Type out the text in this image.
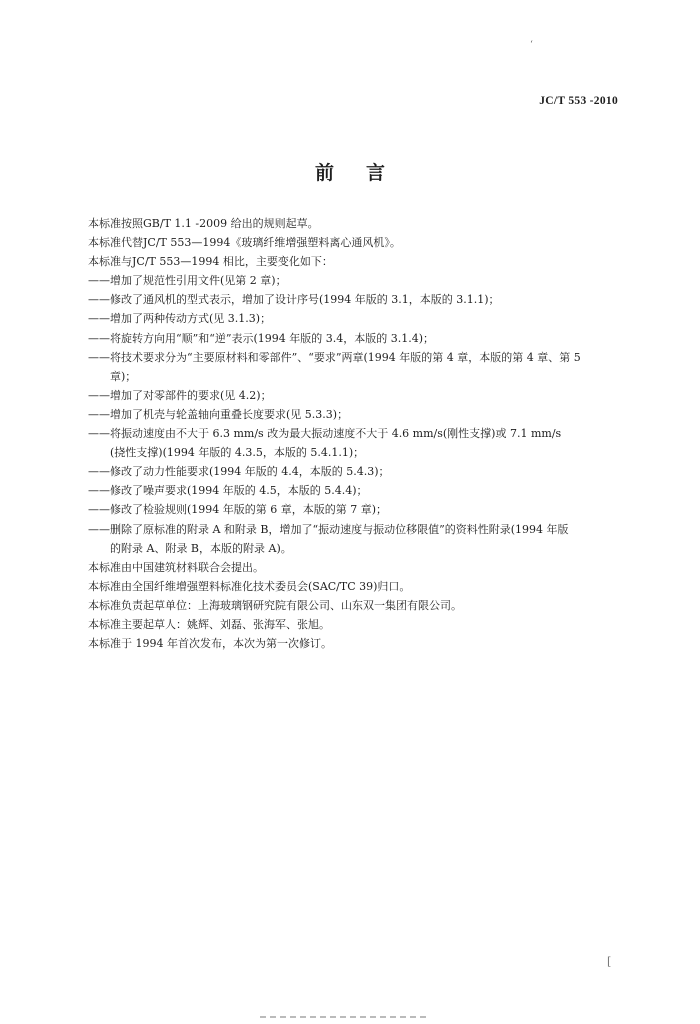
‘
JC/T 553 -2010
前言

本标准按照GB/T 1.1 -2009 给出的规则起草。

本标准代替JC/T 553—1994《玻璃纤维增强塑料离心通风机》。

本标准与JC/T 553—1994 相比，主要变化如下：

——增加了规范性引用文件(见第 2 章)；

——修改了通风机的型式表示，增加了设计序号(1994 年版的 3.1，本版的 3.1.1)；

——增加了两种传动方式(见 3.1.3)；

——将旋转方向用“顺”和“逆”表示(1994 年版的 3.4，本版的 3.1.4)；

——将技术要求分为“主要原材料和零部件”、“要求”两章(1994 年版的第 4 章，本版的第 4 章、第 5

章)；

——增加了对零部件的要求(见 4.2)；

——增加了机壳与轮盖轴向重叠长度要求(见 5.3.3)；

——将振动速度由不大于 6.3 mm/s 改为最大振动速度不大于 4.6 mm/s(刚性支撑)或 7.1 mm/s

(挠性支撑)(1994 年版的 4.3.5，本版的 5.4.1.1)；

——修改了动力性能要求(1994 年版的 4.4，本版的 5.4.3)；

——修改了噪声要求(1994 年版的 4.5，本版的 5.4.4)；

——修改了检验规则(1994 年版的第 6 章，本版的第 7 章)；

——删除了原标准的附录 A 和附录 B，增加了“振动速度与振动位移限值”的资料性附录(1994 年版

的附录 A、附录 B，本版的附录 A)。

本标准由中国建筑材料联合会提出。

本标准由全国纤维增强塑料标准化技术委员会(SAC/TC 39)归口。

本标准负责起草单位：上海玻璃钢研究院有限公司、山东双一集团有限公司。

本标准主要起草人：姚辉、刘磊、张海军、张旭。

本标准于 1994 年首次发布，本次为第一次修订。

[
